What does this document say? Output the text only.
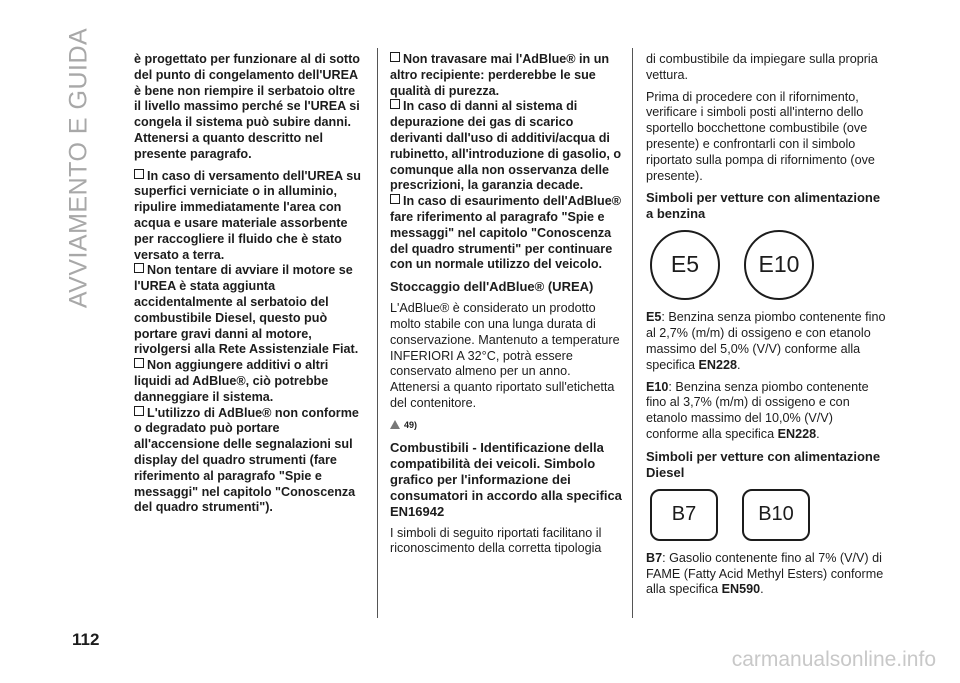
AVVIAMENTO E GUIDA	è progettato per funzionare al di sotto del punto di congelamento dell'UREA è bene non riempire il serbatoio oltre il livello massimo perché se l'UREA si congela il sistema può subire danni. Attenersi a quanto descritto nel presente paragrafo.

In caso di versamento dell'UREA su superfici verniciate o in alluminio, ripulire immediatamente l'area con acqua e usare materiale assorbente per raccogliere il fluido che è stato versato a terra.

Non tentare di avviare il motore se l'UREA è stata aggiunta accidentalmente al serbatoio del combustibile Diesel, questo può portare gravi danni al motore, rivolgersi alla Rete Assistenziale Fiat.

Non aggiungere additivi o altri liquidi ad AdBlue®, ciò potrebbe danneggiare il sistema.

L'utilizzo di AdBlue® non conforme o degradato può portare all'accensione delle segnalazioni sul display del quadro strumenti (fare riferimento al paragrafo "Spie e messaggi" nel capitolo "Conoscenza del quadro strumenti").

Non travasare mai l'AdBlue® in un altro recipiente: perderebbe le sue qualità di purezza.

In caso di danni al sistema di depurazione dei gas di scarico derivanti dall'uso di additivi/acqua di rubinetto, all'introduzione di gasolio, o comunque alla non osservanza delle prescrizioni, la garanzia decade.

In caso di esaurimento dell'AdBlue® fare riferimento al paragrafo "Spie e messaggi" nel capitolo "Conoscenza del quadro strumenti" per continuare con un normale utilizzo del veicolo.

Stoccaggio dell'AdBlue® (UREA)

L'AdBlue® è considerato un prodotto molto stabile con una lunga durata di conservazione. Mantenuto a temperature INFERIORI A 32°C, potrà essere conservato almeno per un anno. Attenersi a quanto riportato sull'etichetta del contenitore.

49)
Combustibili - Identificazione della compatibilità dei veicoli. Simbolo grafico per l'informazione dei consumatori in accordo alla specifica EN16942

I simboli di seguito riportati facilitano il riconoscimento della corretta tipologia

di combustibile da impiegare sulla propria vettura.

Prima di procedere con il rifornimento, verificare i simboli posti all'interno dello sportello bocchettone combustibile (ove presente) e confrontarli con il simbolo riportato sulla pompa di rifornimento (ove presente).

Simboli per vetture con alimentazione a benzina
E5	E10

E5: Benzina senza piombo contenente fino al 2,7% (m/m) di ossigeno e con etanolo massimo del 5,0% (V/V) conforme alla specifica EN228.

E10: Benzina senza piombo contenente fino al 3,7% (m/m) di ossigeno e con etanolo massimo del 10,0% (V/V) conforme alla specifica EN228.

Simboli per vetture con alimentazione Diesel
B7	B10

B7: Gasolio contenente fino al 7% (V/V) di FAME (Fatty Acid Methyl Esters) conforme alla specifica EN590.

112
carmanualsonline.info
